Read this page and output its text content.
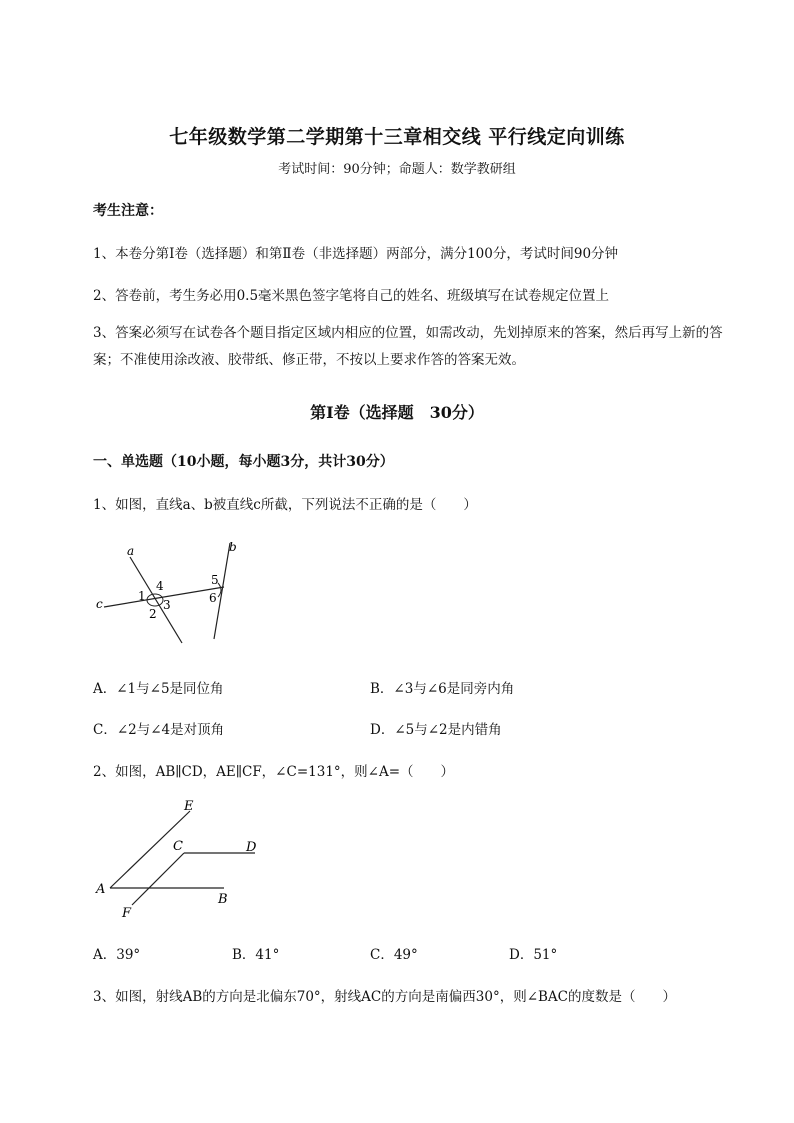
七年级数学第二学期第十三章相交线 平行线定向训练
考试时间：90分钟；命题人：数学教研组
考生注意：
1、本卷分第I卷（选择题）和第Ⅱ卷（非选择题）两部分，满分100分，考试时间90分钟
2、答卷前，考生务必用0.5毫米黑色签字笔将自己的姓名、班级填写在试卷规定位置上
3、答案必须写在试卷各个题目指定区域内相应的位置，如需改动，先划掉原来的答案，然后再写上新的答案；不准使用涂改液、胶带纸、修正带，不按以上要求作答的答案无效。
第I卷（选择题　30分）
一、单选题（10小题，每小题3分，共计30分）
1、如图，直线a、b被直线c所截，下列说法不正确的是（　　）
a	b
c
1
2
3
4	5
6
A．∠1与∠5是同位角	B．∠3与∠6是同旁内角
C．∠2与∠4是对顶角	D．∠5与∠2是内错角
2、如图，AB∥CD，AE∥CF，∠C=131°，则∠A=（　　）
E
C	D
A
B
F
A．39°	B．41°	C．49°	D．51°
3、如图，射线AB的方向是北偏东70°，射线AC的方向是南偏西30°，则∠BAC的度数是（　　）
